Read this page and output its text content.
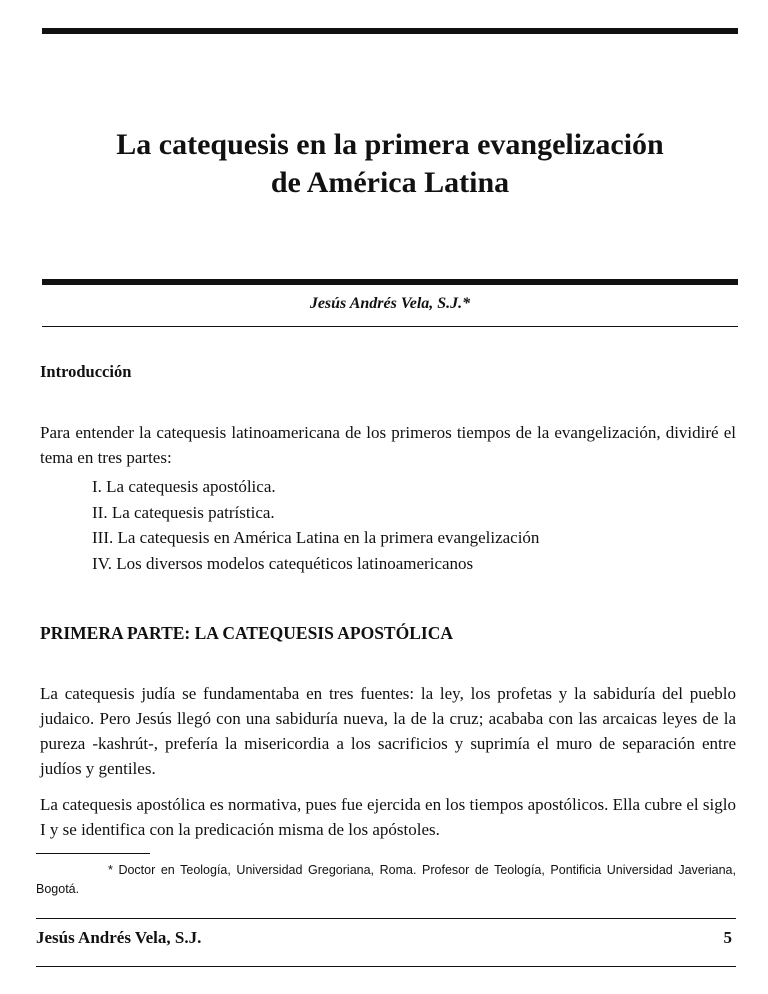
La catequesis en la primera evangelización
de América Latina
Jesús Andrés Vela, S.J.*
Introducción

Para entender la catequesis latinoamericana de los primeros tiempos de la evangelización, dividiré el tema en tres partes:

I. La catequesis apostólica.
II. La catequesis patrística.
III. La catequesis en América Latina en la primera evangelización
IV. Los diversos modelos catequéticos latinoamericanos
PRIMERA PARTE: LA CATEQUESIS APOSTÓLICA

La catequesis judía se fundamentaba en tres fuentes: la ley, los profetas y la sabiduría del pueblo judaico. Pero Jesús llegó con una sabiduría nueva, la de la cruz; acababa con las arcaicas leyes de la pureza -kashrút-, prefería la misericordia a los sacrificios y suprimía el muro de separación entre judíos y gentiles.

La catequesis apostólica es normativa, pues fue ejercida en los tiempos apostólicos. Ella cubre el siglo I y se identifica con la predicación misma de los apóstoles.

* Doctor en Teología, Universidad Gregoriana, Roma. Profesor de Teología, Pontificia Universidad Javeriana, Bogotá.
Jesús Andrés Vela, S.J.	5
